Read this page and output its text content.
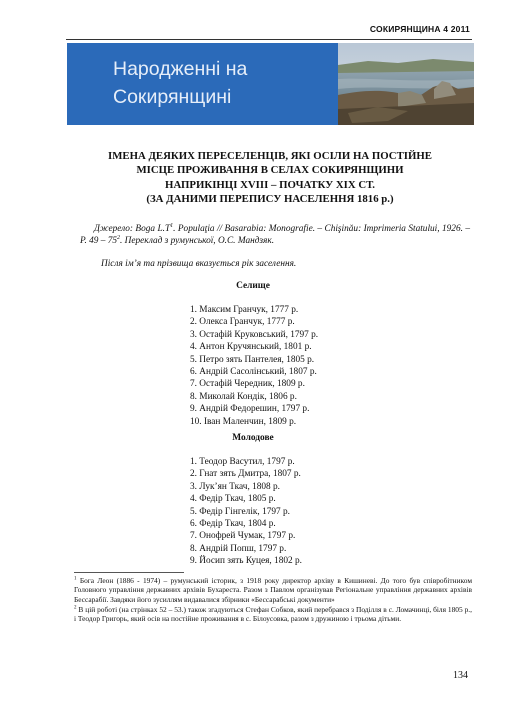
СОКИРЯНЩИНА 4 2011
Народженні на
Сокирянщині
ІМЕНА ДЕЯКИХ ПЕРЕСЕЛЕНЦІВ, ЯКІ ОСІЛИ НА ПОСТІЙНЕ
МІСЦЕ ПРОЖИВАННЯ В СЕЛАХ СОКИРЯНЩИНИ
НАПРИКІНЦІ XVIII – ПОЧАТКУ XIX СТ.
(ЗА ДАНИМИ ПЕРЕПИСУ НАСЕЛЕННЯ 1816 р.)
Джерело: Boga $L.T^1$. Populaţia // Basarabia: Monografie. – Chişinău: Imprimeria Statului, 1926. – P. $49 - 75^2$. Переклад з румунської, О.С. Мандзяк.
Після ім’я та прізвища вказується рік заселення.
Селище
1. Максим Гранчук, 1777 р.
2. Олекса Гранчук, 1777 р.
3. Остафій Круковський, 1797 р.
4. Антон Кручянський, 1801 р.
5. Петро зять Пантелея, 1805 р.
6. Андрій Сасолінський, 1807 р.
7. Остафій Чередник, 1809 р.
8. Миколай Кондік, 1806 р.
9. Андрій Федорешин, 1797 р.
10. Іван Маленчин, 1809 р.
Молодове
1. Теодор Васутил, 1797 р.
2. Гнат зять Дмитра, 1807 р.
3. Лук’ян Ткач, 1808 р.
4. Федір Ткач, 1805 р.
5. Федір Гінгелік, 1797 р.
6. Федір Ткач, 1804 р.
7. Онофрей Чумак, 1797 р.
8. Андрій Попш, 1797 р.
9. Йосип зять Куцея, 1802 р.

$^1$ Бога Леон (1886 - 1974) – румунський історик, з 1918 року директор архіву в Кишиневі. До того був співробітником Головного управління державних архівів Бухареста. Разом з Павлом організував Регіональне управління державних архівів Бессарабії. Завдяки його зусиллям видавалися збірники «Бессарабські документи»

$^2$ В цій роботі (на стрінках 52 – 53.) також згадуються Стефан Собков, який перебрався з Поділля в с. Ломачинці, біля 1805 р., і Теодор Григорь, який осів на постійне проживання в с. Білоусовка, разом з дружиною і трьома дітьми.

134
